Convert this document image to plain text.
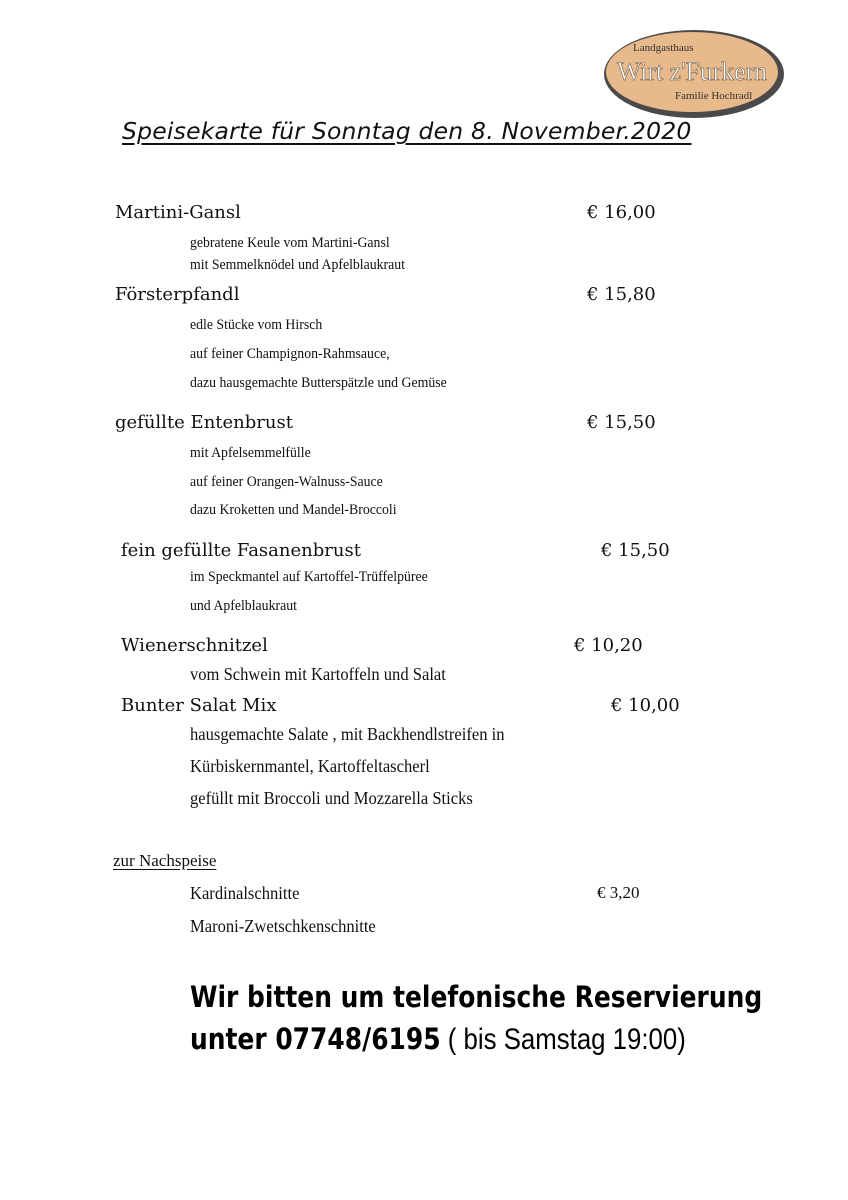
Landgasthaus
Wirt z'Furkern
Familie Hochradl
Speisekarte für Sonntag den 8. November.2020
Martini-Gansl	€ 16,00
gebratene Keule vom Martini-Gansl
mit Semmelknödel und Apfelblaukraut
Försterpfandl	€ 15,80
edle Stücke vom Hirsch
auf feiner Champignon-Rahmsauce,
dazu hausgemachte Butterspätzle und Gemüse
gefüllte Entenbrust	€ 15,50
mit Apfelsemmelfülle
auf feiner Orangen-Walnuss-Sauce
dazu Kroketten und Mandel-Broccoli
fein gefüllte Fasanenbrust	€ 15,50
im Speckmantel auf Kartoffel-Trüffelpüree
und Apfelblaukraut
Wienerschnitzel	€ 10,20
vom Schwein mit Kartoffeln und Salat
Bunter Salat Mix	€ 10,00
hausgemachte Salate , mit Backhendlstreifen in
Kürbiskernmantel, Kartoffeltascherl
gefüllt mit Broccoli und Mozzarella Sticks
zur Nachspeise
Kardinalschnitte	€ 3,20
Maroni-Zwetschkenschnitte
Wir bitten um telefonische Reservierung
unter 07748/6195 ( bis Samstag 19:00)
